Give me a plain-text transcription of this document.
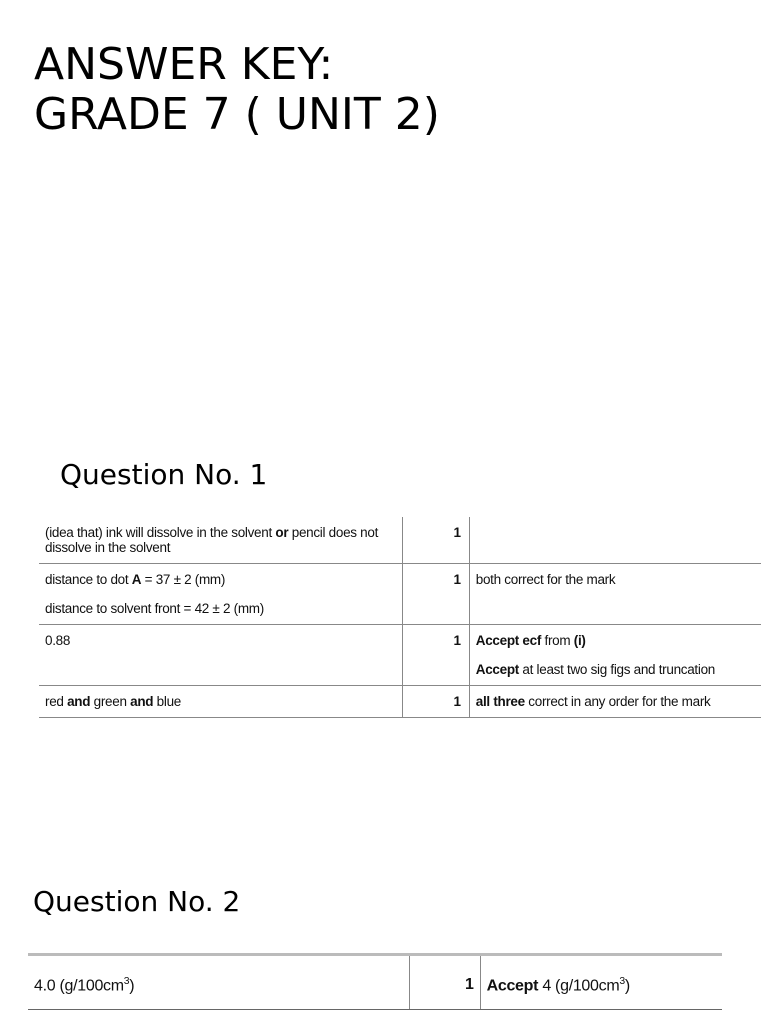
ANSWER KEY:
GRADE 7 ( UNIT 2)
Question No. 1
(idea that) ink will dissolve in the solvent or pencil does not dissolve in the solvent	1	

distance to dot A = 37 ± 2 (mm)
distance to solvent front = 42 ± 2 (mm)	1	both correct for the mark

0.88	1	Accept ecf from (i)
Accept at least two sig figs and truncation

red and green and blue	1	all three correct in any order for the mark
Question No. 2
4.0 $(g/100cm^3)$	1	Accept 4 $(g/100cm^3)$
